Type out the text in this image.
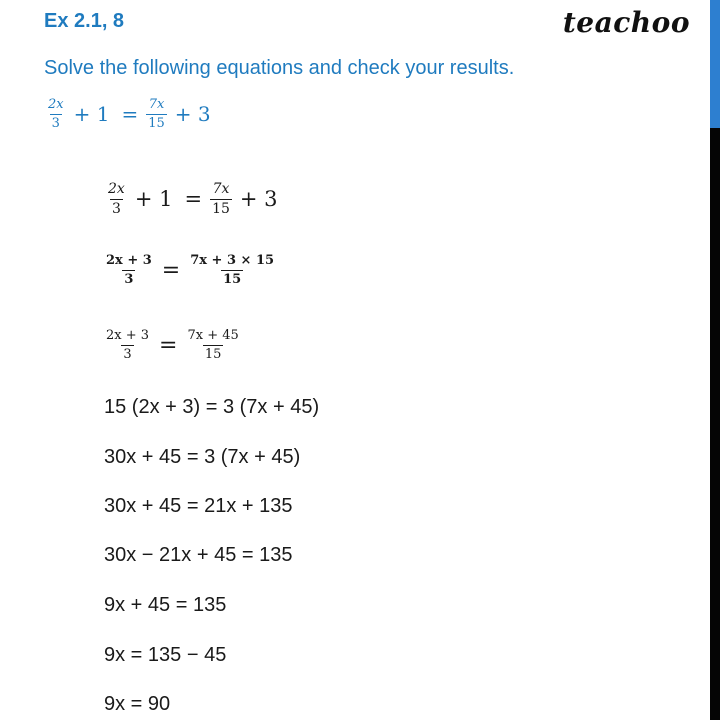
Ex 2.1, 8	teachoo
Solve the following equations and check your results.
$\frac{2x}{3} + 1 = \frac{7x}{15} + 3$
$\frac{2x}{3} + 1 = \frac{7x}{15} + 3$
$\frac{2x + 3}{3} = \frac{7x + 3 \times 15}{15}$
$\frac{2x + 3}{3} = \frac{7x + 45}{15}$
15 (2x + 3) = 3 (7x + 45)
30x + 45 = 3 (7x + 45)
30x + 45 = 21x + 135
30x − 21x + 45 = 135
9x + 45 = 135
9x = 135 − 45
9x = 90
